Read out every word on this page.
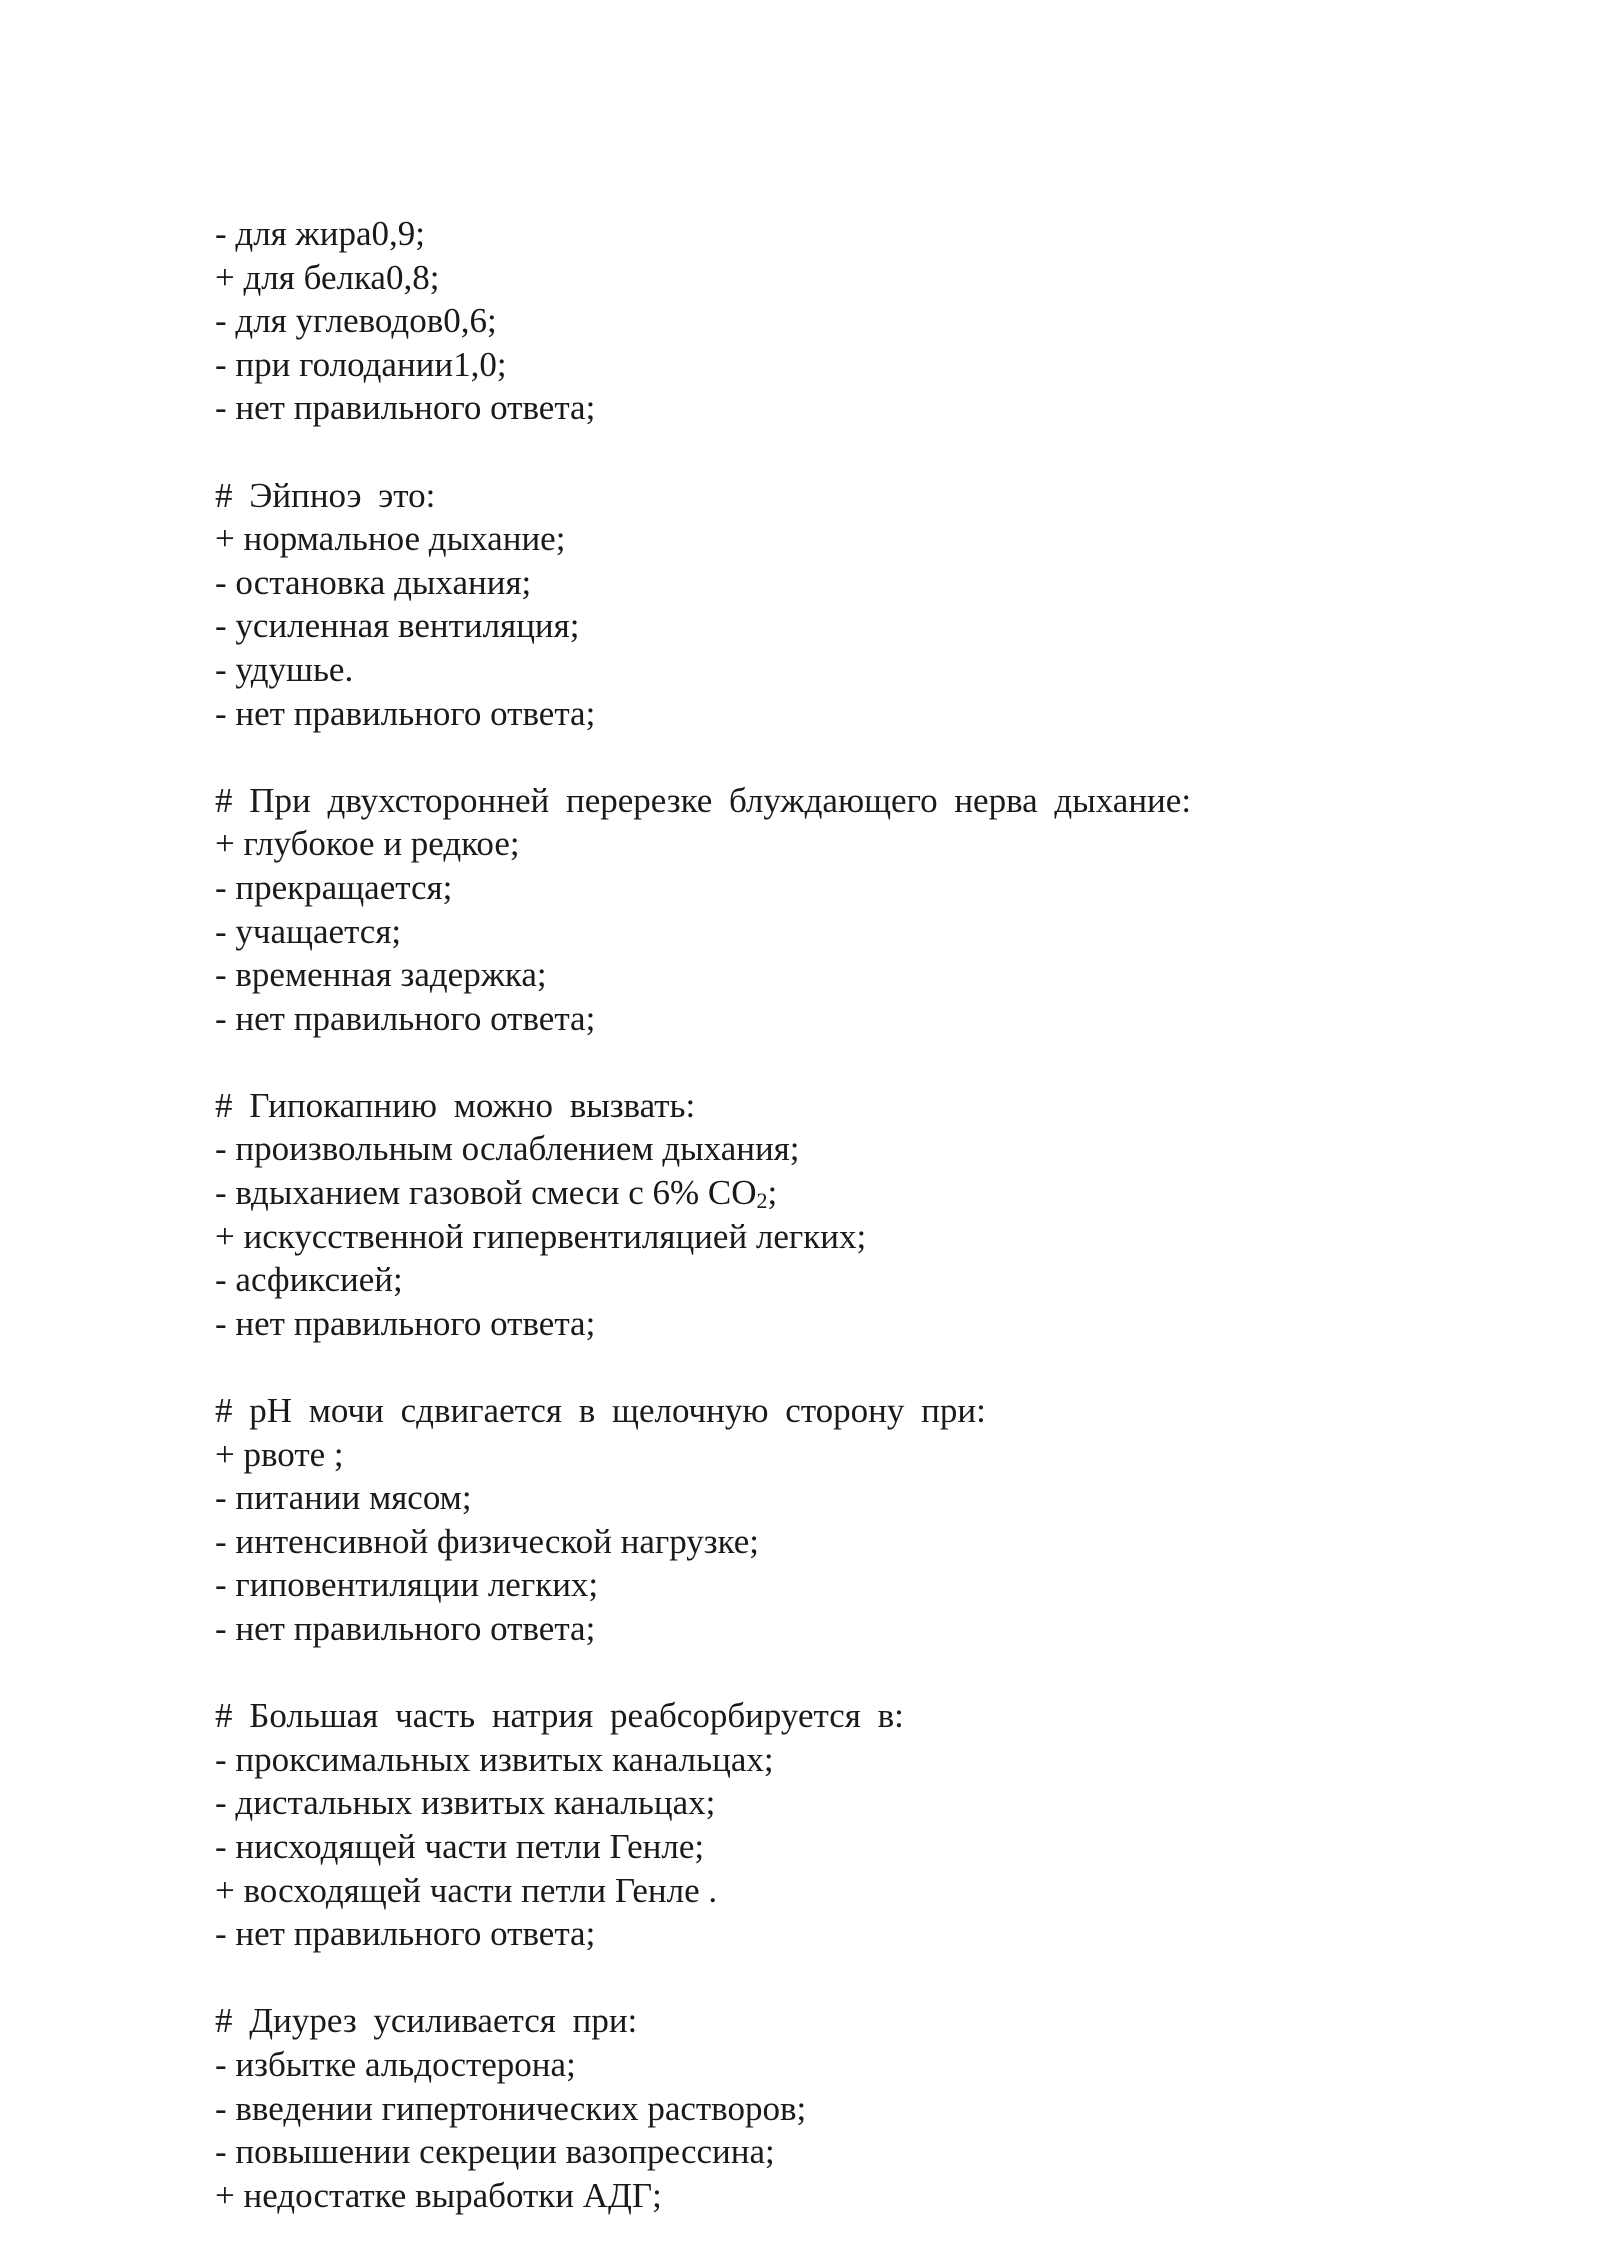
- для жира0,9;
+ для белка0,8;
- для углеводов0,6;
- при голодании1,0;
- нет правильного ответа;
# Эйпноэ это:
+ нормальное дыхание;
- остановка дыхания;
- усиленная вентиляция;
- удушье.
- нет правильного ответа;
# При двухсторонней перерезке блуждающего нерва дыхание:
+ глубокое и редкое;
- прекращается;
- учащается;
- временная задержка;
- нет правильного ответа;
# Гипокапнию можно вызвать:
- произвольным ослаблением дыхания;
- вдыханием газовой смеси с 6% $CO_2$;
+ искусственной гипервентиляцией легких;
- асфиксией;
- нет правильного ответа;
# pH мочи сдвигается в щелочную сторону при:
+ рвоте ;
- питании мясом;
- интенсивной физической нагрузке;
- гиповентиляции легких;
- нет правильного ответа;
# Большая часть натрия реабсорбируется в:
- проксимальных извитых канальцах;
- дистальных извитых канальцах;
- нисходящей части петли Генле;
+ восходящей части петли Генле .
- нет правильного ответа;
# Диурез усиливается при:
- избытке альдостерона;
- введении гипертонических растворов;
- повышении секреции вазопрессина;
+ недостатке выработки АДГ;
